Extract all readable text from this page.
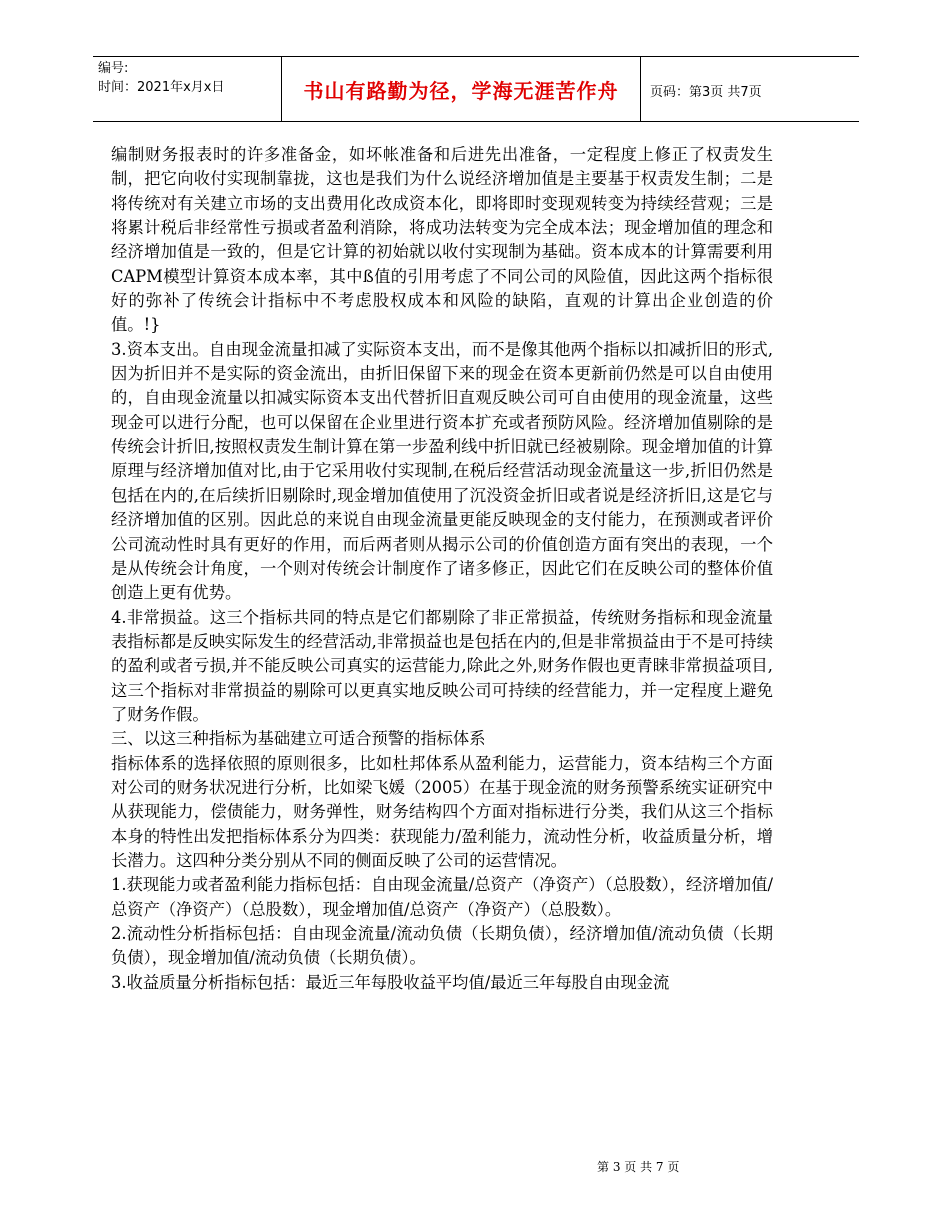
编号:
时间：2021年x月x日	书山有路勤为径，学海无涯苦作舟	页码：第3页 共7页

编制财务报表时的许多准备金，如坏帐准备和后进先出准备，一定程度上修正了权责发生制，把它向收付实现制靠拢，这也是我们为什么说经济增加值是主要基于权责发生制；二是将传统对有关建立市场的支出费用化改成资本化，即将即时变现观转变为持续经营观；三是将累计税后非经常性亏损或者盈利消除，将成功法转变为完全成本法；现金增加值的理念和经济增加值是一致的，但是它计算的初始就以收付实现制为基础。资本成本的计算需要利用CAPM模型计算资本成本率，其中ß值的引用考虑了不同公司的风险值，因此这两个指标很好的弥补了传统会计指标中不考虑股权成本和风险的缺陷，直观的计算出企业创造的价值。!}

3.资本支出。自由现金流量扣减了实际资本支出，而不是像其他两个指标以扣减折旧的形式,因为折旧并不是实际的资金流出，由折旧保留下来的现金在资本更新前仍然是可以自由使用的，自由现金流量以扣减实际资本支出代替折旧直观反映公司可自由使用的现金流量，这些现金可以进行分配，也可以保留在企业里进行资本扩充或者预防风险。经济增加值剔除的是传统会计折旧,按照权责发生制计算在第一步盈利线中折旧就已经被剔除。现金增加值的计算原理与经济增加值对比,由于它采用收付实现制,在税后经营活动现金流量这一步,折旧仍然是包括在内的,在后续折旧剔除时,现金增加值使用了沉没资金折旧或者说是经济折旧,这是它与经济增加值的区别。因此总的来说自由现金流量更能反映现金的支付能力，在预测或者评价公司流动性时具有更好的作用，而后两者则从揭示公司的价值创造方面有突出的表现，一个是从传统会计角度，一个则对传统会计制度作了诸多修正，因此它们在反映公司的整体价值创造上更有优势。

4.非常损益。这三个指标共同的特点是它们都剔除了非正常损益，传统财务指标和现金流量表指标都是反映实际发生的经营活动,非常损益也是包括在内的,但是非常损益由于不是可持续的盈利或者亏损,并不能反映公司真实的运营能力,除此之外,财务作假也更青睐非常损益项目,这三个指标对非常损益的剔除可以更真实地反映公司可持续的经营能力，并一定程度上避免了财务作假。

三、以这三种指标为基础建立可适合预警的指标体系

指标体系的选择依照的原则很多，比如杜邦体系从盈利能力，运营能力，资本结构三个方面对公司的财务状况进行分析，比如梁飞媛（2005）在基于现金流的财务预警系统实证研究中从获现能力，偿债能力，财务弹性，财务结构四个方面对指标进行分类，我们从这三个指标本身的特性出发把指标体系分为四类：获现能力/盈利能力，流动性分析，收益质量分析，增长潜力。这四种分类分别从不同的侧面反映了公司的运营情况。

1.获现能力或者盈利能力指标包括：自由现金流量/总资产（净资产）（总股数），经济增加值/总资产（净资产）（总股数），现金增加值/总资产（净资产）（总股数）。

2.流动性分析指标包括：自由现金流量/流动负债（长期负债），经济增加值/流动负债（长期负债），现金增加值/流动负债（长期负债）。

3.收益质量分析指标包括：最近三年每股收益平均值/最近三年每股自由现金流

第 3 页 共 7 页
